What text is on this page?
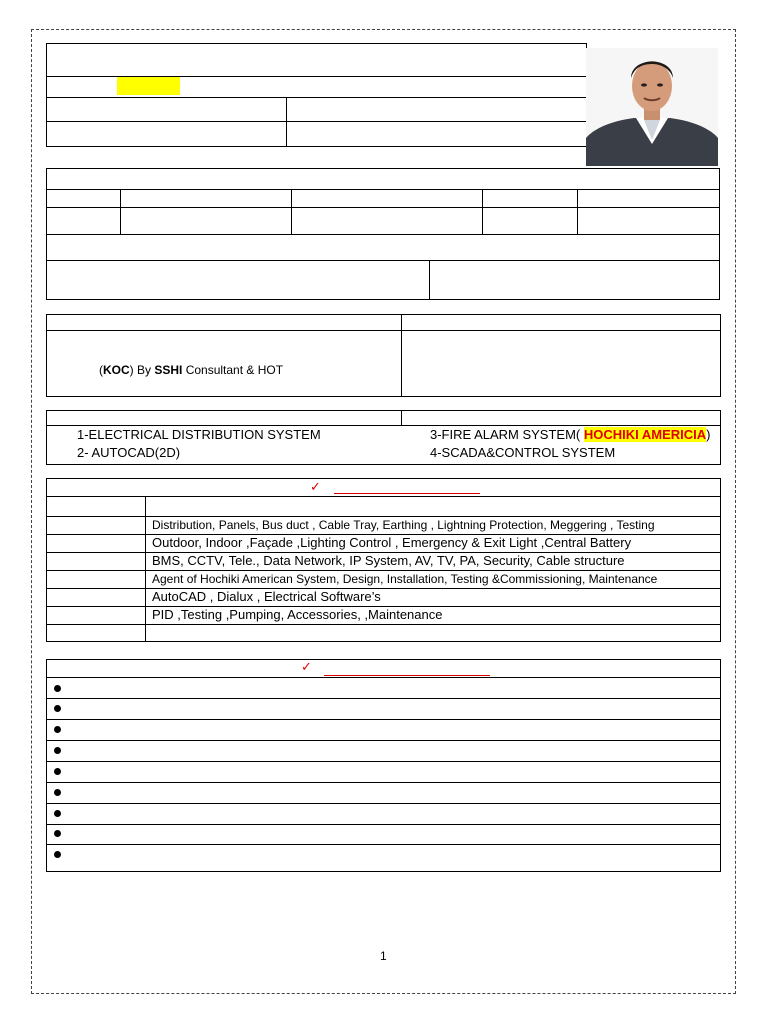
(KOC) By SSHI Consultant & HOT
1-ELECTRICAL DISTRIBUTION SYSTEM
2- AUTOCAD(2D)
3-FIRE ALARM SYSTEM( HOCHIKI AMERICIA)
4-SCADA&CONTROL SYSTEM
✓
Distribution, Panels, Bus duct , Cable Tray, Earthing , Lightning Protection, Meggering , Testing
Outdoor, Indoor ,Façade ,Lighting Control , Emergency & Exit Light ,Central Battery
BMS, CCTV, Tele., Data Network, IP System, AV, TV, PA, Security, Cable structure
Agent of Hochiki American System, Design, Installation, Testing &Commissioning, Maintenance
AutoCAD , Dialux , Electrical Software’s
PID ,Testing ,Pumping, Accessories, ,Maintenance
✓
1
